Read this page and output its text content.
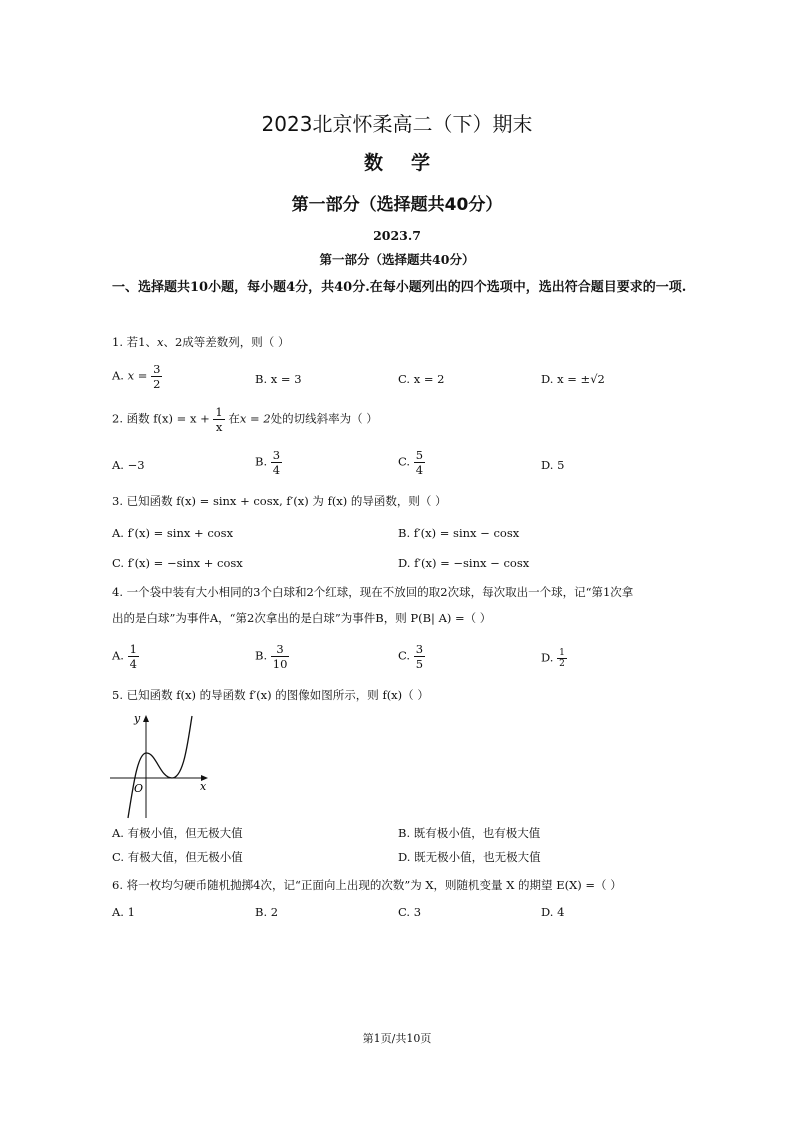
2023北京怀柔高二（下）期末
数学
第一部分（选择题共40分）
2023.7
第一部分（选择题共40分）
一、选择题共10小题，每小题4分，共40分.在每小题列出的四个选项中，选出符合题目要求的一项.
1. 若1、x、2成等差数列，则（ ）
A. $x = \frac{3}{2}$	B. x = 3	C. x = 2	D. x = ±√2
2. 函数 $f(x) = x + \frac{1}{x}$ 在x = 2处的切线斜率为（ ）
A. −3	B. $\frac{3}{4}$	C. $\frac{5}{4}$	D. 5
3. 已知函数 f(x) = sinx + cosx, f′(x) 为 f(x) 的导函数，则（ ）
A. f′(x) = sinx + cosx	B. f′(x) = sinx − cosx
C. f′(x) = −sinx + cosx	D. f′(x) = −sinx − cosx
4. 一个袋中装有大小相同的3个白球和2个红球，现在不放回的取2次球，每次取出一个球，记“第1次拿
出的是白球”为事件A，“第2次拿出的是白球”为事件B，则 P(B| A) =（ ）
A. $\frac{1}{4}$	B. $\frac{3}{10}$	C. $\frac{3}{5}$	D. $\frac{1}{2}$
5. 已知函数 f(x) 的导函数 f′(x) 的图像如图所示，则 f(x)（ ）
y
x
O
A. 有极小值，但无极大值	B. 既有极小值，也有极大值
C. 有极大值，但无极小值	D. 既无极小值，也无极大值
6. 将一枚均匀硬币随机抛掷4次，记“正面向上出现的次数”为 X，则随机变量 X 的期望 E(X) =（ ）
A. 1	B. 2	C. 3	D. 4
第1页/共10页
